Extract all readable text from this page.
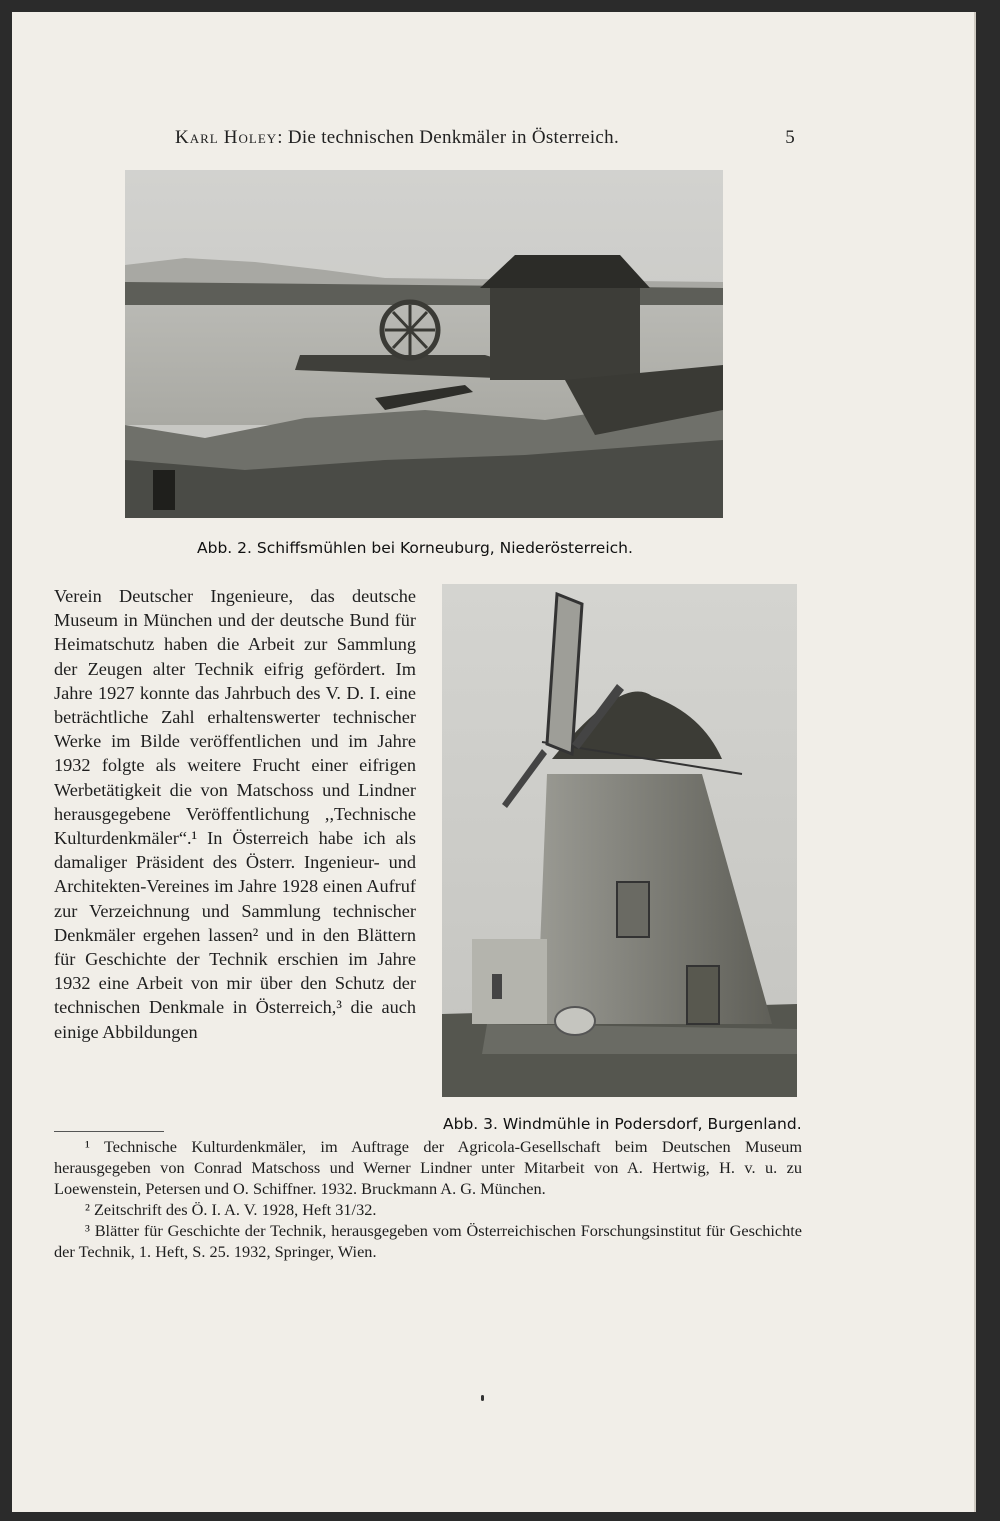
Karl Holey: Die technischen Denkmäler in Österreich.	5
Abb. 2. Schiffsmühlen bei Korneuburg, Niederösterreich.
Abb. 3. Windmühle in Podersdorf, Burgenland.

Verein Deutscher Ingenieure, das deutsche Museum in München und der deutsche Bund für Heimatschutz haben die Arbeit zur Sammlung der Zeugen alter Technik eifrig gefördert. Im Jahre 1927 konnte das Jahrbuch des V. D. I. eine beträchtliche Zahl erhaltenswerter technischer Werke im Bilde veröffentlichen und im Jahre 1932 folgte als weitere Frucht einer eifrigen Werbetätigkeit die von Matschoss und Lindner herausgegebene Veröffentlichung ,,Technische Kulturdenkmäler“.¹ In Österreich habe ich als damaliger Präsident des Österr. Ingenieur- und Architekten-Vereines im Jahre 1928 einen Aufruf zur Verzeichnung und Sammlung technischer Denkmäler ergehen lassen² und in den Blättern für Geschichte der Technik erschien im Jahre 1932 eine Arbeit von mir über den Schutz der technischen Denkmale in Österreich,³ die auch einige Abbildungen

¹ Technische Kulturdenkmäler, im Auftrage der Agricola-Gesellschaft beim Deutschen Museum herausgegeben von Conrad Matschoss und Werner Lindner unter Mitarbeit von A. Hertwig, H. v. u. zu Loewenstein, Petersen und O. Schiffner. 1932. Bruckmann A. G. München.

² Zeitschrift des Ö. I. A. V. 1928, Heft 31/32.

³ Blätter für Geschichte der Technik, herausgegeben vom Österreichischen Forschungsinstitut für Geschichte der Technik, 1. Heft, S. 25. 1932, Springer, Wien.
